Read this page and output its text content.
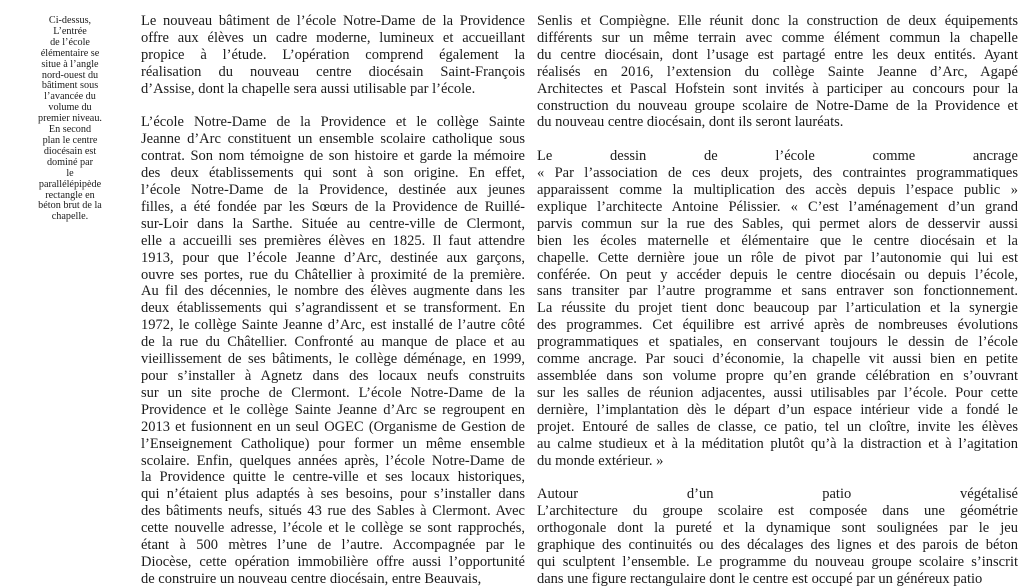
Ci-dessus,
L’entrée
de l’école
élémentaire se
situe à l’angle
nord-ouest du
bâtiment sous
l’avancée du
volume du
premier niveau.
En second
plan le centre
diocésain est
dominé par
le
parallélépipède
rectangle en
béton brut de la
chapelle.

Le nouveau bâtiment de l’école Notre-Dame de la Providence
offre aux élèves un cadre moderne, lumineux et accueillant
propice à l’étude. L’opération comprend également la
réalisation du nouveau centre diocésain Saint-François
d’Assise, dont la chapelle sera aussi utilisable par l’école.

L’école Notre-Dame de la Providence et le collège Sainte
Jeanne d’Arc constituent un ensemble scolaire catholique sous
contrat. Son nom témoigne de son histoire et garde la mémoire
des deux établissements qui sont à son origine. En effet,
l’école Notre-Dame de la Providence, destinée aux jeunes
filles, a été fondée par les Sœurs de la Providence de Ruillé-
sur-Loir dans la Sarthe. Située au centre-ville de Clermont,
elle a accueilli ses premières élèves en 1825. Il faut attendre
1913, pour que l’école Jeanne d’Arc, destinée aux garçons,
ouvre ses portes, rue du Châtellier à proximité de la première.
Au fil des décennies, le nombre des élèves augmente dans les
deux établissements qui s’agrandissent et se transforment. En
1972, le collège Sainte Jeanne d’Arc, est installé de l’autre côté
de la rue du Châtellier. Confronté au manque de place et au
vieillissement de ses bâtiments, le collège déménage, en 1999,
pour s’installer à Agnetz dans des locaux neufs construits
sur un site proche de Clermont. L’école Notre-Dame de la
Providence et le collège Sainte Jeanne d’Arc se regroupent en
2013 et fusionnent en un seul OGEC (Organisme de Gestion de
l’Enseignement Catholique) pour former un même ensemble
scolaire. Enfin, quelques années après, l’école Notre-Dame de
la Providence quitte le centre-ville et ses locaux historiques,
qui n’étaient plus adaptés à ses besoins, pour s’installer dans
des bâtiments neufs, situés 43 rue des Sables à Clermont. Avec
cette nouvelle adresse, l’école et le collège se sont rapprochés,
étant à 500 mètres l’une de l’autre. Accompagnée par le
Diocèse, cette opération immobilière offre aussi l’opportunité
de construire un nouveau centre diocésain, entre Beauvais,

Senlis et Compiègne. Elle réunit donc la construction de deux équipements
différents sur un même terrain avec comme élément commun la chapelle
du centre diocésain, dont l’usage est partagé entre les deux entités. Ayant
réalisés en 2016, l’extension du collège Sainte Jeanne d’Arc, Agapé
Architectes et Pascal Hofstein sont invités à participer au concours pour la
construction du nouveau groupe scolaire de Notre-Dame de la Providence et
du nouveau centre diocésain, dont ils seront lauréats.

Le dessin de l’école comme ancrage
« Par l’association de ces deux projets, des contraintes programmatiques
apparaissent comme la multiplication des accès depuis l’espace public »
explique l’architecte Antoine Pélissier. « C’est l’aménagement d’un grand
parvis commun sur la rue des Sables, qui permet alors de desservir aussi
bien les écoles maternelle et élémentaire que le centre diocésain et la
chapelle. Cette dernière joue un rôle de pivot par l’autonomie qui lui est
conférée. On peut y accéder depuis le centre diocésain ou depuis l’école,
sans transiter par l’autre programme et sans entraver son fonctionnement.
La réussite du projet tient donc beaucoup par l’articulation et la synergie
des programmes. Cet équilibre est arrivé après de nombreuses évolutions
programmatiques et spatiales, en conservant toujours le dessin de l’école
comme ancrage. Par souci d’économie, la chapelle vit aussi bien en petite
assemblée dans son volume propre qu’en grande célébration en s’ouvrant
sur les salles de réunion adjacentes, aussi utilisables par l’école. Pour cette
dernière, l’implantation dès le départ d’un espace intérieur vide a fondé le
projet. Entouré de salles de classe, ce patio, tel un cloître, invite les élèves
au calme studieux et à la méditation plutôt qu’à la distraction et à l’agitation
du monde extérieur. »

Autour d’un patio végétalisé
L’architecture du groupe scolaire est composée dans une géométrie
orthogonale dont la pureté et la dynamique sont soulignées par le jeu
graphique des continuités ou des décalages des lignes et des parois de béton
qui sculptent l’ensemble. Le programme du nouveau groupe scolaire s’inscrit
dans une figure rectangulaire dont le centre est occupé par un généreux patio
